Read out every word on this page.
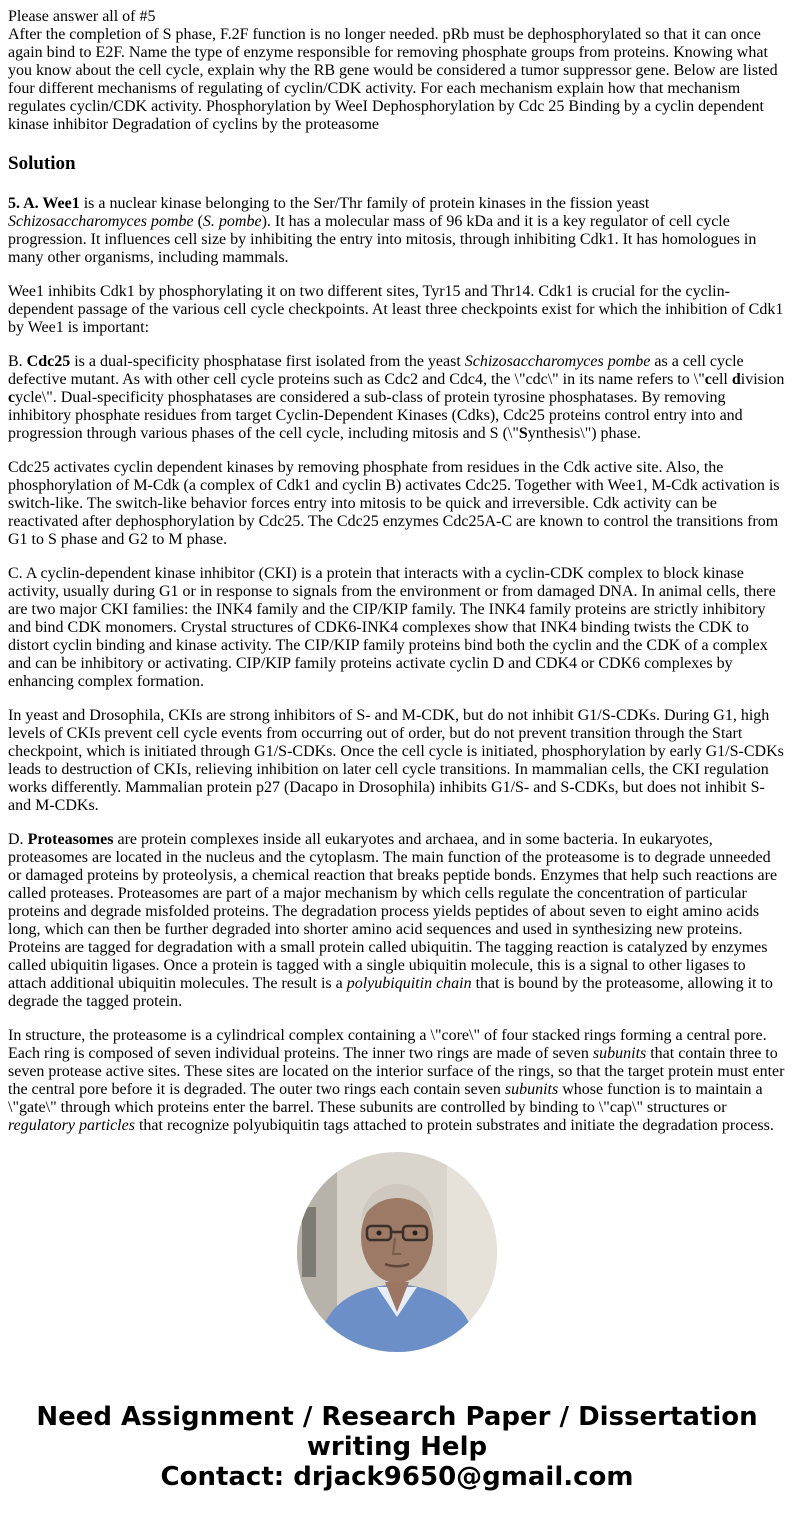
Please answer all of #5
After the completion of S phase, F.2F function is no longer needed. pRb must be dephosphorylated so that it can once again bind to E2F. Name the type of enzyme responsible for removing phosphate groups from proteins. Knowing what you know about the cell cycle, explain why the RB gene would be considered a tumor suppressor gene. Below are listed four different mechanisms of regulating of cyclin/CDK activity. For each mechanism explain how that mechanism regulates cyclin/CDK activity. Phosphorylation by WeeI Dephosphorylation by Cdc 25 Binding by a cyclin dependent kinase inhibitor Degradation of cyclins by the proteasome
Solution

5. A. Wee1 is a nuclear kinase belonging to the Ser/Thr family of protein kinases in the fission yeast Schizosaccharomyces pombe (S. pombe). It has a molecular mass of 96 kDa and it is a key regulator of cell cycle progression. It influences cell size by inhibiting the entry into mitosis, through inhibiting Cdk1. It has homologues in many other organisms, including mammals.

Wee1 inhibits Cdk1 by phosphorylating it on two different sites, Tyr15 and Thr14. Cdk1 is crucial for the cyclin-dependent passage of the various cell cycle checkpoints. At least three checkpoints exist for which the inhibition of Cdk1 by Wee1 is important:

B. Cdc25 is a dual-specificity phosphatase first isolated from the yeast Schizosaccharomyces pombe as a cell cycle defective mutant. As with other cell cycle proteins such as Cdc2 and Cdc4, the \"cdc\" in its name refers to \"cell division cycle\". Dual-specificity phosphatases are considered a sub-class of protein tyrosine phosphatases. By removing inhibitory phosphate residues from target Cyclin-Dependent Kinases (Cdks), Cdc25 proteins control entry into and progression through various phases of the cell cycle, including mitosis and S (\"Synthesis\") phase.

Cdc25 activates cyclin dependent kinases by removing phosphate from residues in the Cdk active site. Also, the phosphorylation of M-Cdk (a complex of Cdk1 and cyclin B) activates Cdc25. Together with Wee1, M-Cdk activation is switch-like. The switch-like behavior forces entry into mitosis to be quick and irreversible. Cdk activity can be reactivated after dephosphorylation by Cdc25. The Cdc25 enzymes Cdc25A-C are known to control the transitions from G1 to S phase and G2 to M phase.

C. A cyclin-dependent kinase inhibitor (CKI) is a protein that interacts with a cyclin-CDK complex to block kinase activity, usually during G1 or in response to signals from the environment or from damaged DNA. In animal cells, there are two major CKI families: the INK4 family and the CIP/KIP family. The INK4 family proteins are strictly inhibitory and bind CDK monomers. Crystal structures of CDK6-INK4 complexes show that INK4 binding twists the CDK to distort cyclin binding and kinase activity. The CIP/KIP family proteins bind both the cyclin and the CDK of a complex and can be inhibitory or activating. CIP/KIP family proteins activate cyclin D and CDK4 or CDK6 complexes by enhancing complex formation.

In yeast and Drosophila, CKIs are strong inhibitors of S- and M-CDK, but do not inhibit G1/S-CDKs. During G1, high levels of CKIs prevent cell cycle events from occurring out of order, but do not prevent transition through the Start checkpoint, which is initiated through G1/S-CDKs. Once the cell cycle is initiated, phosphorylation by early G1/S-CDKs leads to destruction of CKIs, relieving inhibition on later cell cycle transitions. In mammalian cells, the CKI regulation works differently. Mammalian protein p27 (Dacapo in Drosophila) inhibits G1/S- and S-CDKs, but does not inhibit S- and M-CDKs.

D. Proteasomes are protein complexes inside all eukaryotes and archaea, and in some bacteria. In eukaryotes, proteasomes are located in the nucleus and the cytoplasm. The main function of the proteasome is to degrade unneeded or damaged proteins by proteolysis, a chemical reaction that breaks peptide bonds. Enzymes that help such reactions are called proteases. Proteasomes are part of a major mechanism by which cells regulate the concentration of particular proteins and degrade misfolded proteins. The degradation process yields peptides of about seven to eight amino acids long, which can then be further degraded into shorter amino acid sequences and used in synthesizing new proteins. Proteins are tagged for degradation with a small protein called ubiquitin. The tagging reaction is catalyzed by enzymes called ubiquitin ligases. Once a protein is tagged with a single ubiquitin molecule, this is a signal to other ligases to attach additional ubiquitin molecules. The result is a polyubiquitin chain that is bound by the proteasome, allowing it to degrade the tagged protein.

In structure, the proteasome is a cylindrical complex containing a \"core\" of four stacked rings forming a central pore. Each ring is composed of seven individual proteins. The inner two rings are made of seven subunits that contain three to seven protease active sites. These sites are located on the interior surface of the rings, so that the target protein must enter the central pore before it is degraded. The outer two rings each contain seven subunits whose function is to maintain a \"gate\" through which proteins enter the barrel. These subunits are controlled by binding to \"cap\" structures or regulatory particles that recognize polyubiquitin tags attached to protein substrates and initiate the degradation process.

Need Assignment / Research Paper / Dissertation writing Help
Contact: drjack9650@gmail.com
